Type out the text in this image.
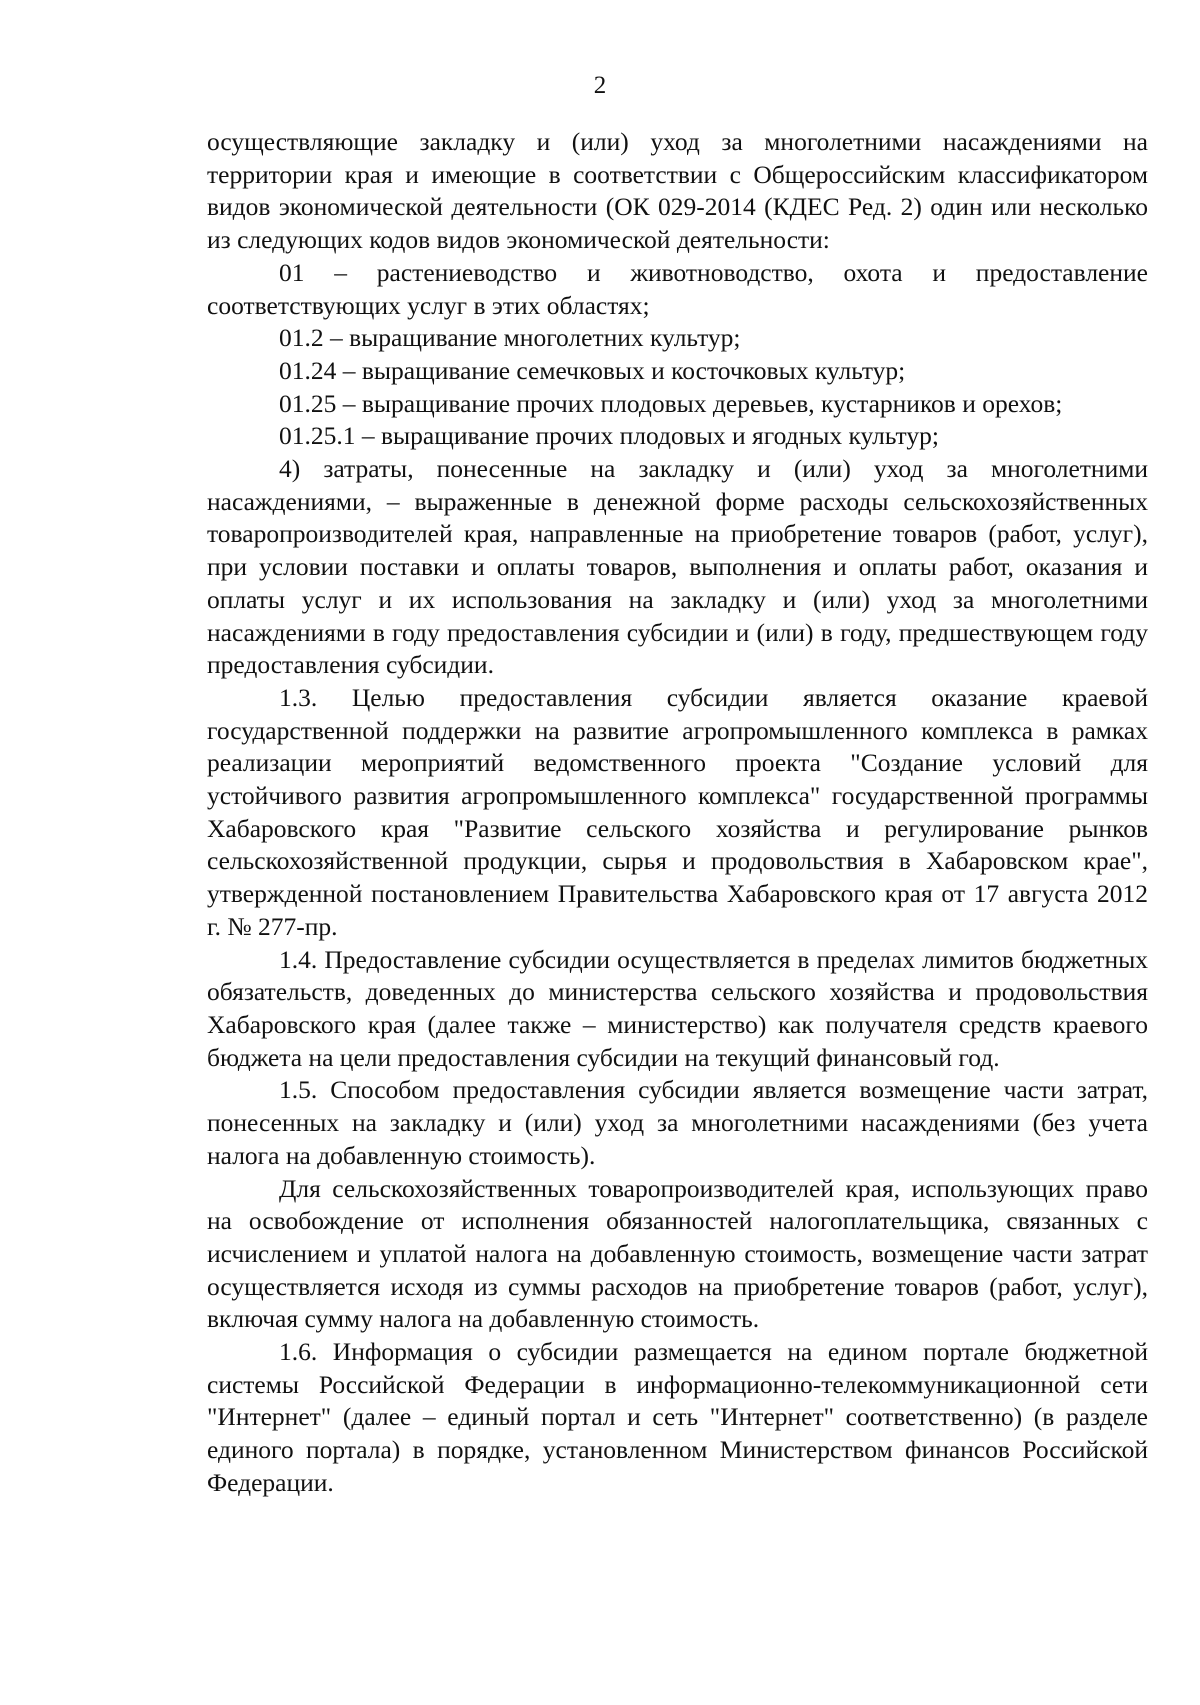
2

осуществляющие закладку и (или) уход за многолетними насаждениями на территории края и имеющие в соответствии с Общероссийским классификатором видов экономической деятельности (ОК 029-2014 (КДЕС Ред. 2) один или несколько из следующих кодов видов экономической деятельности:

01 – растениеводство и животноводство, охота и предоставление соответствующих услуг в этих областях;

01.2 – выращивание многолетних культур;

01.24 – выращивание семечковых и косточковых культур;

01.25 – выращивание прочих плодовых деревьев, кустарников и орехов;

01.25.1 – выращивание прочих плодовых и ягодных культур;

4) затраты, понесенные на закладку и (или) уход за многолетними насаждениями, – выраженные в денежной форме расходы сельскохозяйственных товаропроизводителей края, направленные на приобретение товаров (работ, услуг), при условии поставки и оплаты товаров, выполнения и оплаты работ, оказания и оплаты услуг и их использования на закладку и (или) уход за многолетними насаждениями в году предоставления субсидии и (или) в году, предшествующем году предоставления субсидии.

1.3. Целью предоставления субсидии является оказание краевой государственной поддержки на развитие агропромышленного комплекса в рамках реализации мероприятий ведомственного проекта "Создание условий для устойчивого развития агропромышленного комплекса" государственной программы Хабаровского края "Развитие сельского хозяйства и регулирование рынков сельскохозяйственной продукции, сырья и продовольствия в Хабаровском крае", утвержденной постановлением Правительства Хабаровского края от 17 августа 2012 г. № 277-пр.

1.4. Предоставление субсидии осуществляется в пределах лимитов бюджетных обязательств, доведенных до министерства сельского хозяйства и продовольствия Хабаровского края (далее также – министерство) как получателя средств краевого бюджета на цели предоставления субсидии на текущий финансовый год.

1.5. Способом предоставления субсидии является возмещение части затрат, понесенных на закладку и (или) уход за многолетними насаждениями (без учета налога на добавленную стоимость).

Для сельскохозяйственных товаропроизводителей края, использующих право на освобождение от исполнения обязанностей налогоплательщика, связанных с исчислением и уплатой налога на добавленную стоимость, возмещение части затрат осуществляется исходя из суммы расходов на приобретение товаров (работ, услуг), включая сумму налога на добавленную стоимость.

1.6. Информация о субсидии размещается на едином портале бюджетной системы Российской Федерации в информационно-телекоммуникационной сети "Интернет" (далее – единый портал и сеть "Интернет" соответственно) (в разделе единого портала) в порядке, установленном Министерством финансов Российской Федерации.
